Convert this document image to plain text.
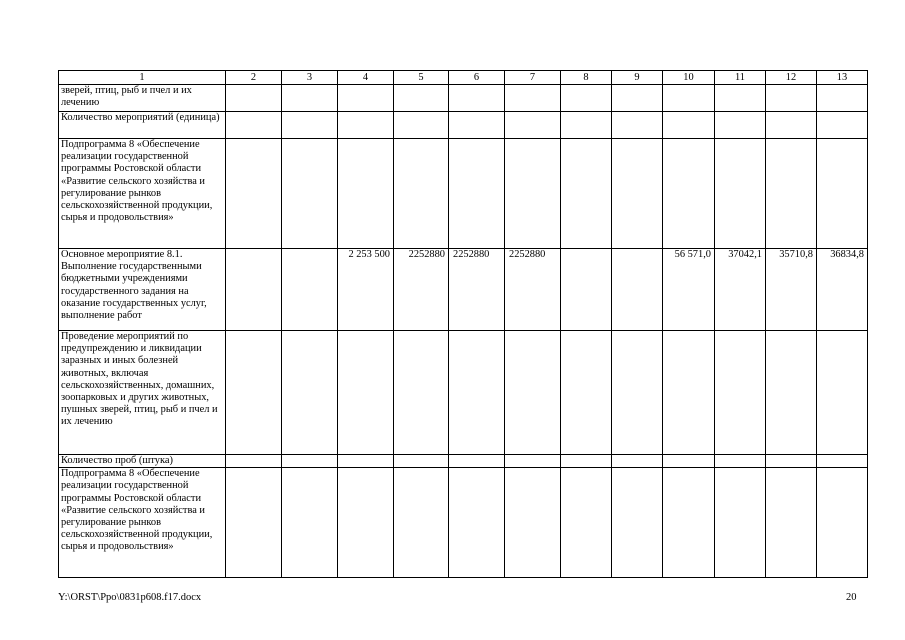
1	2	3	4	5	6	7	8	9	10	11	12	13
зверей, птиц, рыб и пчел и их лечению												
Количество мероприятий (единица)												
Подпрограмма 8 «Обеспечение реализации государственной программы Ростовской области «Развитие сельского хозяйства и регулирование рынков сельскохозяйственной продукции, сырья и продовольствия»												
Основное мероприятие 8.1. Выполнение государственными бюджетными учреждениями государственного задания на оказание государственных услуг, выполнение работ			2 253 500	2252880	2252880	2252880			56 571,0	37042,1	35710,8	36834,8
Проведение мероприятий по предупреждению и ликвидации заразных и иных болезней животных, включая сельскохозяйственных, домашних, зоопарковых и других животных, пушных зверей, птиц, рыб и пчел и их лечению												
Количество проб (штука)												
Подпрограмма 8 «Обеспечение реализации государственной программы Ростовской области «Развитие сельского хозяйства и регулирование рынков сельскохозяйственной продукции, сырья и продовольствия»												
Y:\ORST\Ppo\0831p608.f17.docx	20
